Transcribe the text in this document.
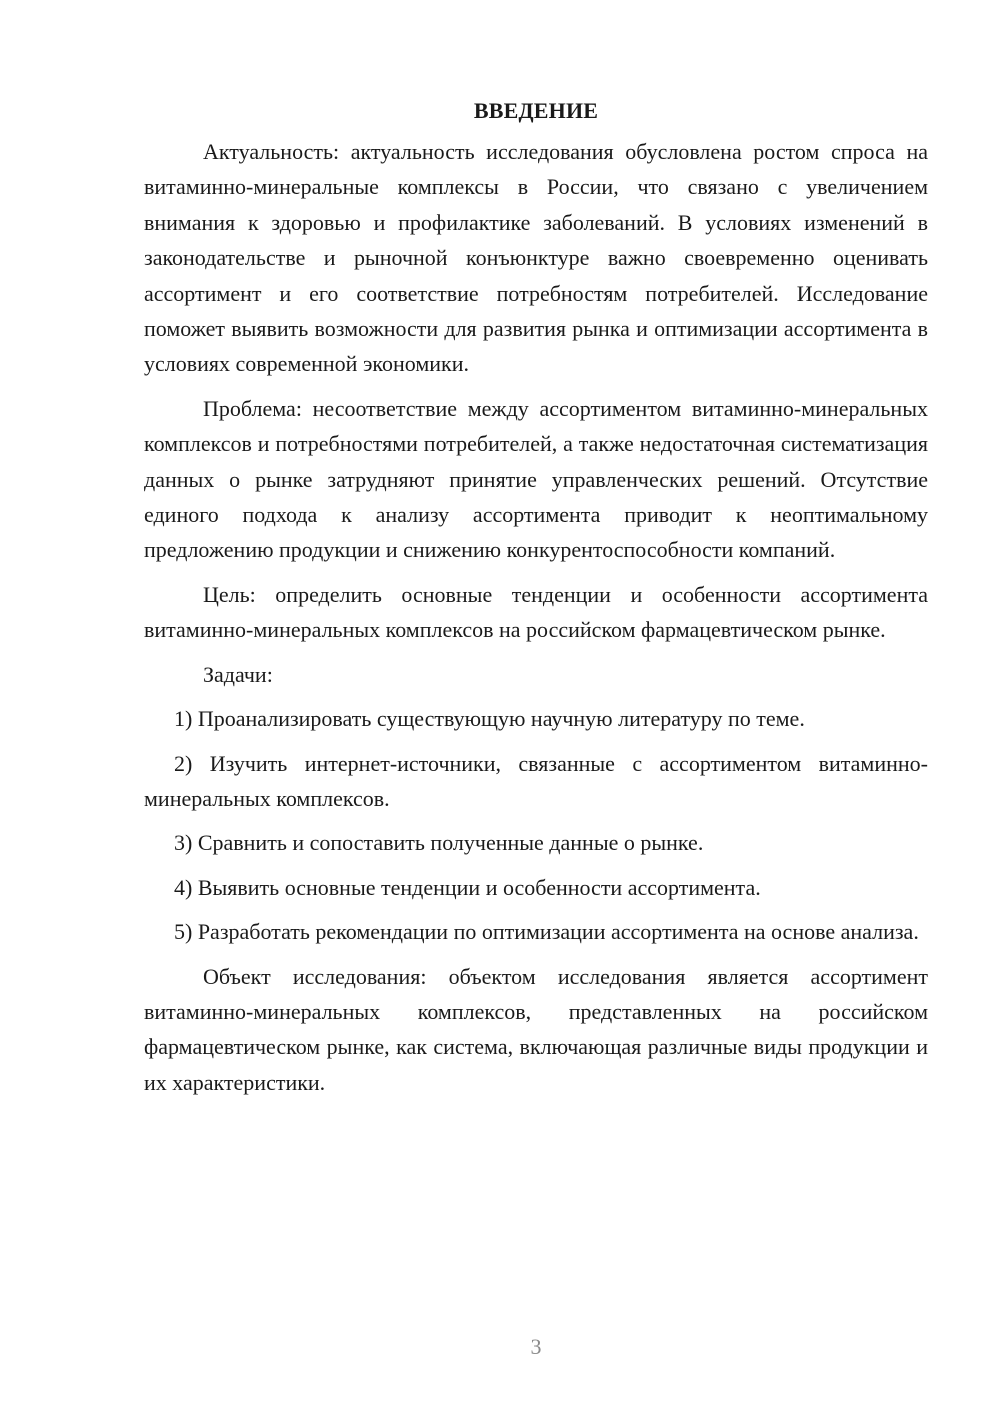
ВВЕДЕНИЕ

Актуальность: актуальность исследования обусловлена ростом спроса на витаминно-минеральные комплексы в России, что связано с увеличением внимания к здоровью и профилактике заболеваний. В условиях изменений в законодательстве и рыночной конъюнктуре важно своевременно оценивать ассортимент и его соответствие потребностям потребителей. Исследование поможет выявить возможности для развития рынка и оптимизации ассортимента в условиях современной экономики.

Проблема: несоответствие между ассортиментом витаминно-минеральных комплексов и потребностями потребителей, а также недостаточная систематизация данных о рынке затрудняют принятие управленческих решений. Отсутствие единого подхода к анализу ассортимента приводит к неоптимальному предложению продукции и снижению конкурентоспособности компаний.

Цель: определить основные тенденции и особенности ассортимента витаминно-минеральных комплексов на российском фармацевтическом рынке.

Задачи:

1) Проанализировать существующую научную литературу по теме.

2) Изучить интернет-источники, связанные с ассортиментом витаминно-минеральных комплексов.

3) Сравнить и сопоставить полученные данные о рынке.

4) Выявить основные тенденции и особенности ассортимента.

5) Разработать рекомендации по оптимизации ассортимента на основе анализа.

Объект исследования: объектом исследования является ассортимент витаминно-минеральных комплексов, представленных на российском фармацевтическом рынке, как система, включающая различные виды продукции и их характеристики.

3
